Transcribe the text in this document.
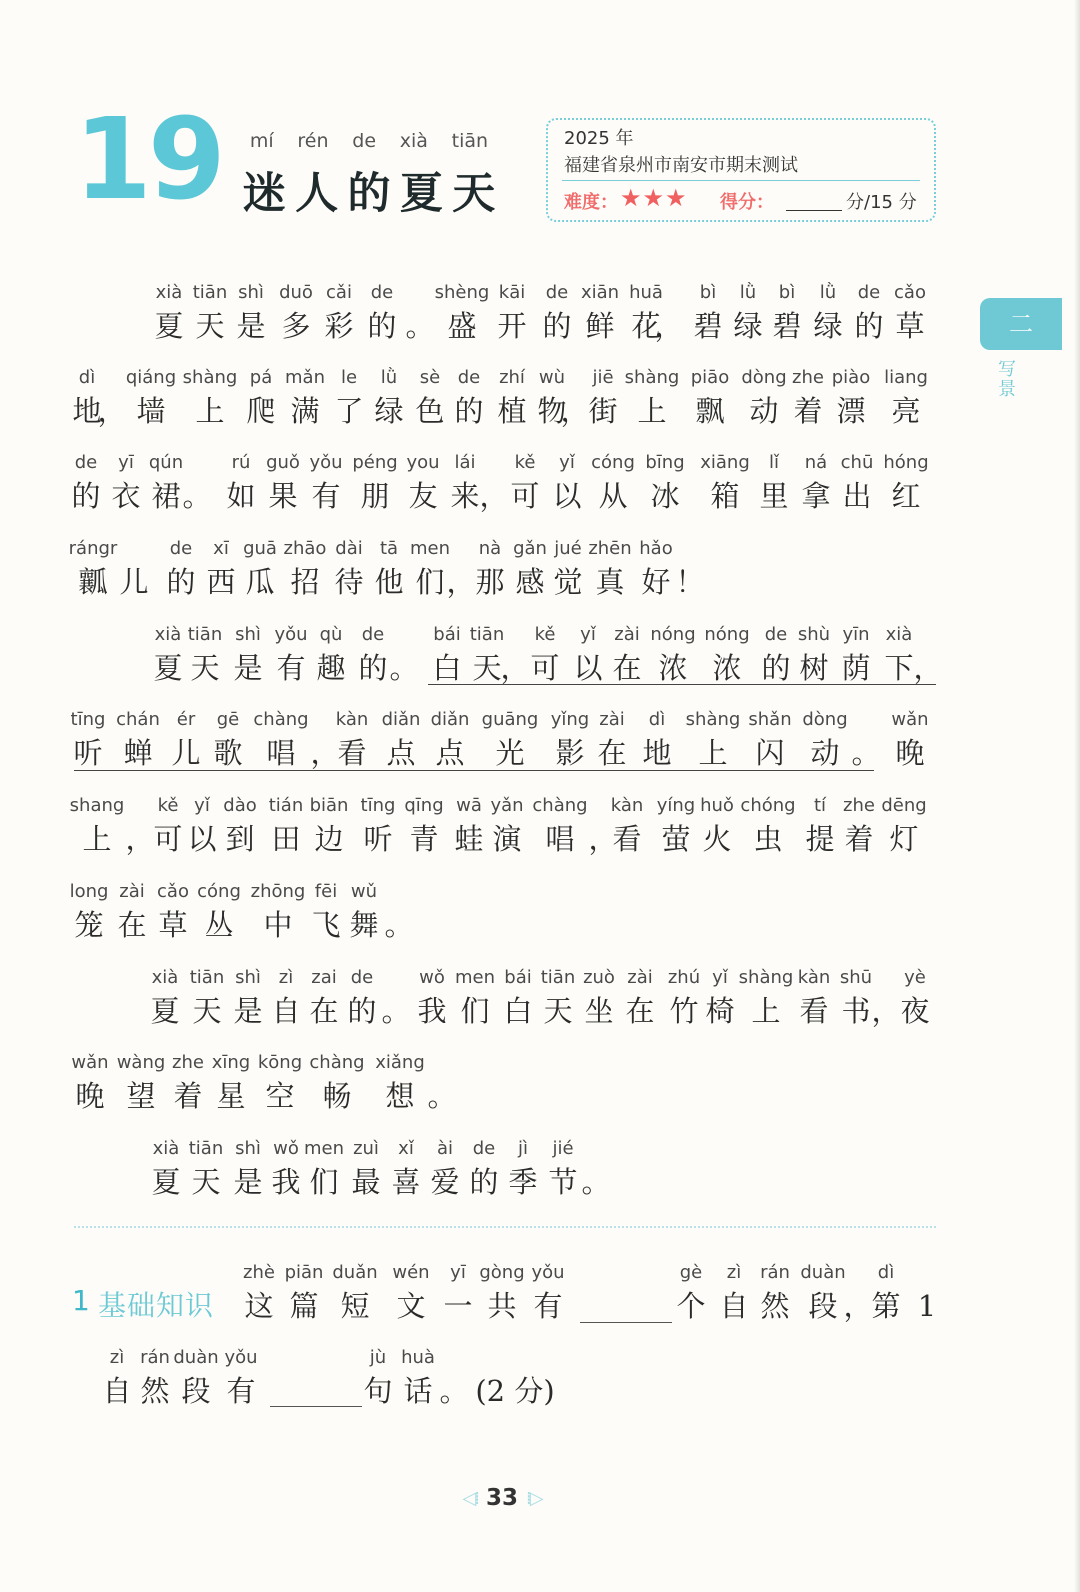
19 mí rén de xià tiān
迷 人 的 夏 天
2025 年
福建省泉州市南安市期末测试
难度： ★★★ 得分：	分/15 分
二
写景
xià
夏
tiān
天
shì
是
duō
多
cǎi
彩
de
的 。
shèng
盛
kāi
开
de
的
xiān
鲜
huā
花
，
bì
碧
lǜ
绿
bì
碧
lǜ
绿
de
的
cǎo
草
dì
地
，
qiáng
墙
shàng
上
pá
爬
mǎn
满
le
了
lǜ
绿
sè
色
de
的
zhí
植
wù
物
，
jiē
街
shàng
上
piāo
飘
dòng
动
zhe
着
piào
漂
liang
亮
de
的
yī
衣
qún
裙 。
rú
如
guǒ
果
yǒu
有
péng
朋
you
友
lái
来 ，
kě
可
yǐ
以
cóng
从
bīng
冰
xiāng
箱
lǐ
里
ná
拿
chū
出
hóng
红
rángr
瓤 儿
de
的
xī
西
guā
瓜
zhāo
招
dài
待
tā
他
men
们 ，
nà
那
gǎn
感
jué
觉
zhēn
真
hǎo
好 ！
xià
夏
tiān
天
shì
是
yǒu
有
qù
趣
de
的 。
bái
白
tiān
天
，
kě
可
yǐ
以
zài
在
nóng
浓
nóng
浓
de
的
shù
树
yīn
荫
xià
下 ，
tīng
听
chán
蝉
ér
儿
gē
歌
chàng
唱 ，
kàn
看
diǎn
点
diǎn
点
guāng
光
yǐng
影
zài
在
dì
地
shàng
上
shǎn
闪
dòng
动 。
wǎn
晚
shang
上 ，
kě
可
yǐ
以
dào
到
tián
田
biān
边
tīng
听
qīng
青
wā
蛙
yǎn
演
chàng
唱 ，
kàn
看
yíng
萤
huǒ
火
chóng
虫
tí
提
zhe
着
dēng
灯
long
笼
zài
在
cǎo
草
cóng
丛
zhōng
中
fēi
飞
wǔ
舞 。
xià
夏
tiān
天
shì
是
zì
自
zai
在
de
的 。
wǒ
我
men
们
bái
白
tiān
天
zuò
坐
zài
在
zhú
竹
yǐ
椅
shàng
上
kàn
看
shū
书 ，
yè
夜
wǎn
晚
wàng
望
zhe
着
xīng
星
kōng
空
chàng
畅
xiǎng
想 。
xià
夏
tiān
天
shì
是
wǒ
我
men
们
zuì
最
xǐ
喜
ài
爱
de
的
jì
季
jié
节 。
1 基础知识
zhè
这
piān
篇
duǎn
短
wén
文
yī
一
gòng
共
yǒu
有
gè
个
zì
自
rán
然
duàn
段 ，
dì
第 1
zì
自
rán
然
duàn
段
yǒu
有
jù
句
huà
话 。 (2 分)
◁⁞ 33 ⁞▷
